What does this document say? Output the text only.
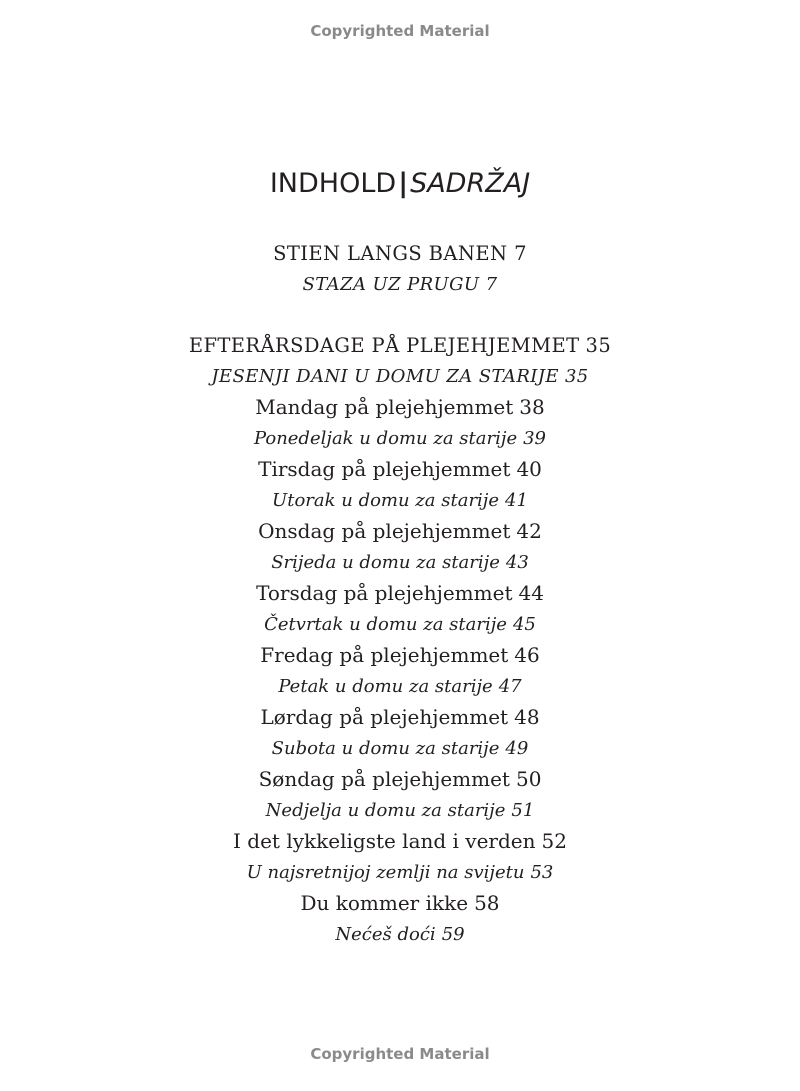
Copyrighted Material
INDHOLD|SADRŽAJ
STIEN LANGS BANEN 7
STAZA UZ PRUGU 7
EFTERÅRSDAGE PÅ PLEJEHJEMMET 35
JESENJI DANI U DOMU ZA STARIJE 35
Mandag på plejehjemmet 38
Ponedeljak u domu za starije 39
Tirsdag på plejehjemmet 40
Utorak u domu za starije 41
Onsdag på plejehjemmet 42
Srijeda u domu za starije 43
Torsdag på plejehjemmet 44
Četvrtak u domu za starije 45
Fredag på plejehjemmet 46
Petak u domu za starije 47
Lørdag på plejehjemmet 48
Subota u domu za starije 49
Søndag på plejehjemmet 50
Nedjelja u domu za starije 51
I det lykkeligste land i verden 52
U najsretnijoj zemlji na svijetu 53
Du kommer ikke 58
Nećeš doći 59
Copyrighted Material
